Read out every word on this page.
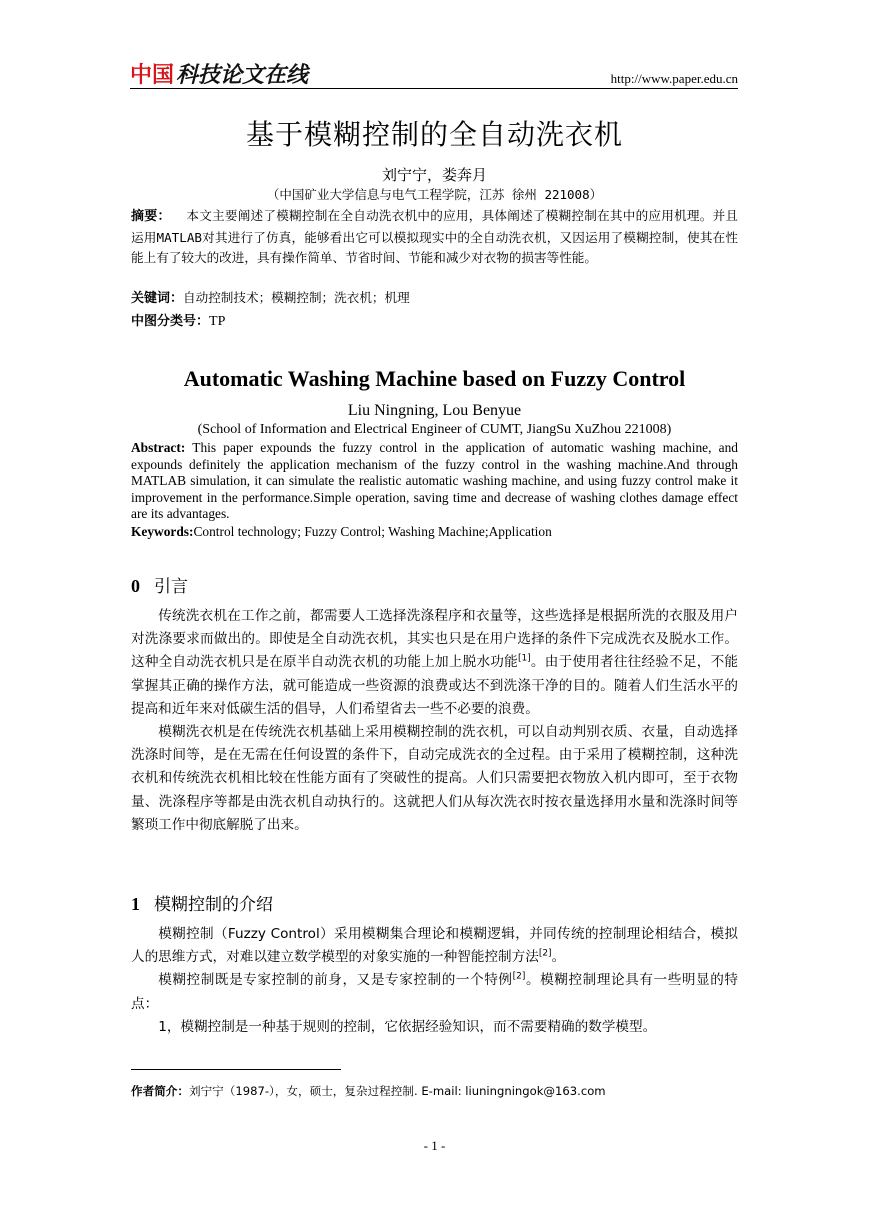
中国 科技论文在线	http://www.paper.edu.cn
基于模糊控制的全自动洗衣机
刘宁宁，娄奔月
（中国矿业大学信息与电气工程学院，江苏 徐州 221008）
摘要： 本文主要阐述了模糊控制在全自动洗衣机中的应用，具体阐述了模糊控制在其中的应用机理。并且运用MATLAB对其进行了仿真，能够看出它可以模拟现实中的全自动洗衣机，又因运用了模糊控制，使其在性能上有了较大的改进，具有操作简单、节省时间、节能和减少对衣物的损害等性能。
关键词：自动控制技术；模糊控制；洗衣机；机理
中图分类号：TP
Automatic Washing Machine based on Fuzzy Control
Liu Ningning, Lou Benyue
(School of Information and Electrical Engineer of CUMT, JiangSu XuZhou 221008)
Abstract: This paper expounds the fuzzy control in the application of automatic washing machine, and expounds definitely the application mechanism of the fuzzy control in the washing machine.And through MATLAB simulation, it can simulate the realistic automatic washing machine, and using fuzzy control make it improvement in the performance.Simple operation, saving time and decrease of washing clothes damage effect are its advantages.
Keywords:Control technology; Fuzzy Control; Washing Machine;Application
0 引言

传统洗衣机在工作之前，都需要人工选择洗涤程序和衣量等，这些选择是根据所洗的衣服及用户对洗涤要求而做出的。即使是全自动洗衣机，其实也只是在用户选择的条件下完成洗衣及脱水工作。这种全自动洗衣机只是在原半自动洗衣机的功能上加上脱水功能[1]。由于使用者往往经验不足，不能掌握其正确的操作方法，就可能造成一些资源的浪费或达不到洗涤干净的目的。随着人们生活水平的提高和近年来对低碳生活的倡导，人们希望省去一些不必要的浪费。

模糊洗衣机是在传统洗衣机基础上采用模糊控制的洗衣机，可以自动判别衣质、衣量，自动选择洗涤时间等，是在无需在任何设置的条件下，自动完成洗衣的全过程。由于采用了模糊控制，这种洗衣机和传统洗衣机相比较在性能方面有了突破性的提高。人们只需要把衣物放入机内即可，至于衣物量、洗涤程序等都是由洗衣机自动执行的。这就把人们从每次洗衣时按衣量选择用水量和洗涤时间等繁琐工作中彻底解脱了出来。

1 模糊控制的介绍

模糊控制（Fuzzy Control）采用模糊集合理论和模糊逻辑，并同传统的控制理论相结合，模拟人的思维方式，对难以建立数学模型的对象实施的一种智能控制方法[2]。

模糊控制既是专家控制的前身，又是专家控制的一个特例[2]。模糊控制理论具有一些明显的特点：

1，模糊控制是一种基于规则的控制，它依据经验知识，而不需要精确的数学模型。

作者简介：刘宁宁（1987-），女，硕士，复杂过程控制. E-mail: liuningningok@163.com
- 1 -
